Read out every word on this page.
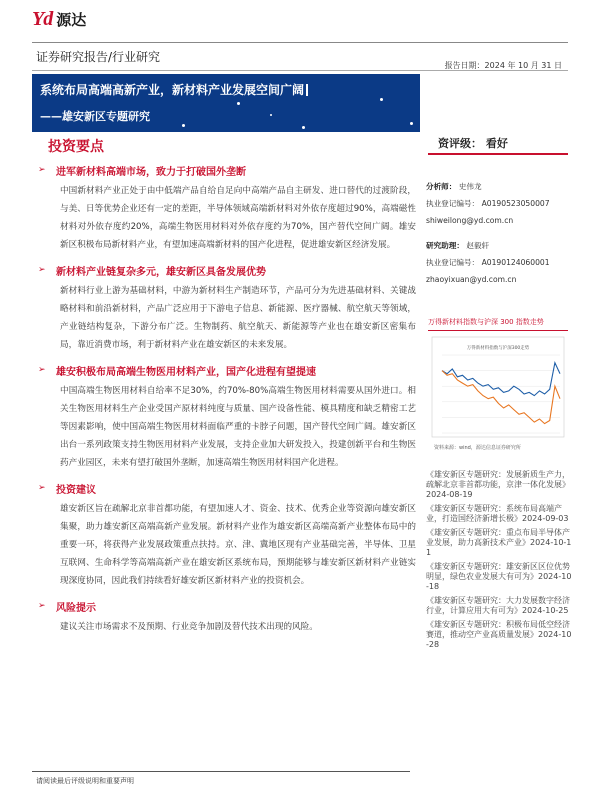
Yd 源达
证券研究报告/行业研究
报告日期：2024 年 10 月 31 日
系统布局高端高新产业，新材料产业发展空间广阔
——雄安新区专题研究
投资要点	资评级： 看好
➢ 进军新材料高端市场，致力于打破国外垄断

中国新材料产业正处于由中低端产品自给自足向中高端产品自主研发、进口替代的过渡阶段，与美、日等优势企业还有一定的差距，半导体领域高端新材料对外依存度超过90%，高端磁性材料对外依存度约20%，高端生物医用材料对外依存度约为70%，国产替代空间广阔。雄安新区积极布局新材料产业，有望加速高端新材料的国产化进程，促进雄安新区经济发展。

➢ 新材料产业链复杂多元，雄安新区具备发展优势

新材料行业上游为基础材料，中游为新材料生产制造环节，产品可分为先进基础材料、关键战略材料和前沿新材料，产品广泛应用于下游电子信息、新能源、医疗器械、航空航天等领域，产业链结构复杂，下游分布广泛。生物制药、航空航天、新能源等产业也在雄安新区密集布局，靠近消费市场，利于新材料产业在雄安新区的未来发展。

➢ 雄安积极布局高端生物医用材料产业，国产化进程有望提速

中国高端生物医用材料自给率不足30%，约70%-80%高端生物医用材料需要从国外进口。相关生物医用材料生产企业受国产原材料纯度与质量、国产设备性能、模具精度和缺乏精密工艺等因素影响，使中国高端生物医用材料面临严重的卡脖子问题，国产替代空间广阔。雄安新区出台一系列政策支持生物医用材料产业发展，支持企业加大研发投入，投建创新平台和生物医药产业园区，未来有望打破国外垄断，加速高端生物医用材料国产化进程。

➢ 投资建议

雄安新区旨在疏解北京非首都功能，有望加速人才、资金、技术、优秀企业等资源向雄安新区集聚，助力雄安新区高端高新产业发展。新材料产业作为雄安新区高端高新产业整体布局中的重要一环，将获得产业发展政策重点扶持。京、津、冀地区现有产业基础完善，半导体、卫星互联网、生命科学等高端高新产业在雄安新区系统布局，预期能够与雄安新区新材料产业链实现深度协同，因此我们持续看好雄安新区新材料产业的投资机会。

➢ 风险提示

建议关注市场需求不及预期、行业竞争加剧及替代技术出现的风险。

分析师： 史伟龙
执业登记编号： A0190523050007
shiweilong@yd.com.cn
研究助理： 赵毅轩
执业登记编号： A0190124060001
zhaoyixuan@yd.com.cn
万得新材料指数与沪深 300 指数走势
万得新材料指数与沪深300走势
资料来源：wind，源达信息证券研究所
《雄安新区专题研究：发展新质生产力，疏解北京非首都功能，京津一体化发展》2024-08-19
《雄安新区专题研究：系统布局高端产业，打造国经济新增长极》2024-09-03
《雄安新区专题研究：重点布局半导体产业发展，助力高新技术产业》2024-10-11
《雄安新区专题研究：雄安新区区位优势明显，绿色农业发展大有可为》2024-10-18
《雄安新区专题研究：大力发展数字经济行业，计算应用大有可为》2024-10-25
《雄安新区专题研究：积极布局低空经济赛道，推动空产业高质量发展》2024-10-28
请阅读最后评级说明和重要声明
